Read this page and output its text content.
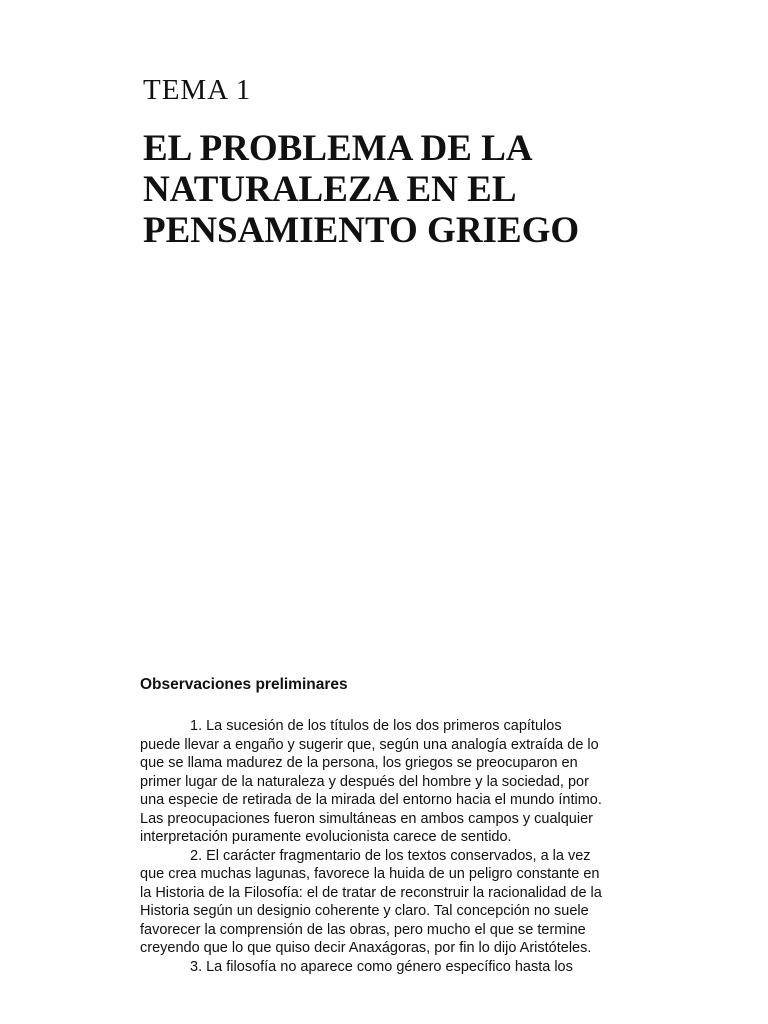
TEMA 1

EL PROBLEMA DE LA
NATURALEZA EN EL
PENSAMIENTO GRIEGO
Observaciones preliminares

1. La sucesión de los títulos de los dos primeros capítulos
puede llevar a engaño y sugerir que, según una analogía extraída de lo
que se llama madurez de la persona, los griegos se preocuparon en
primer lugar de la naturaleza y después del hombre y la sociedad, por
una especie de retirada de la mirada del entorno hacia el mundo íntimo.
Las preocupaciones fueron simultáneas en ambos campos y cualquier
interpretación puramente evolucionista carece de sentido.
2. El carácter fragmentario de los textos conservados, a la vez
que crea muchas lagunas, favorece la huida de un peligro constante en
la Historia de la Filosofía: el de tratar de reconstruir la racionalidad de la
Historia según un designio coherente y claro. Tal concepción no suele
favorecer la comprensión de las obras, pero mucho el que se termine
creyendo que lo que quiso decir Anaxágoras, por fin lo dijo Aristóteles.
3. La filosofía no aparece como género específico hasta los
